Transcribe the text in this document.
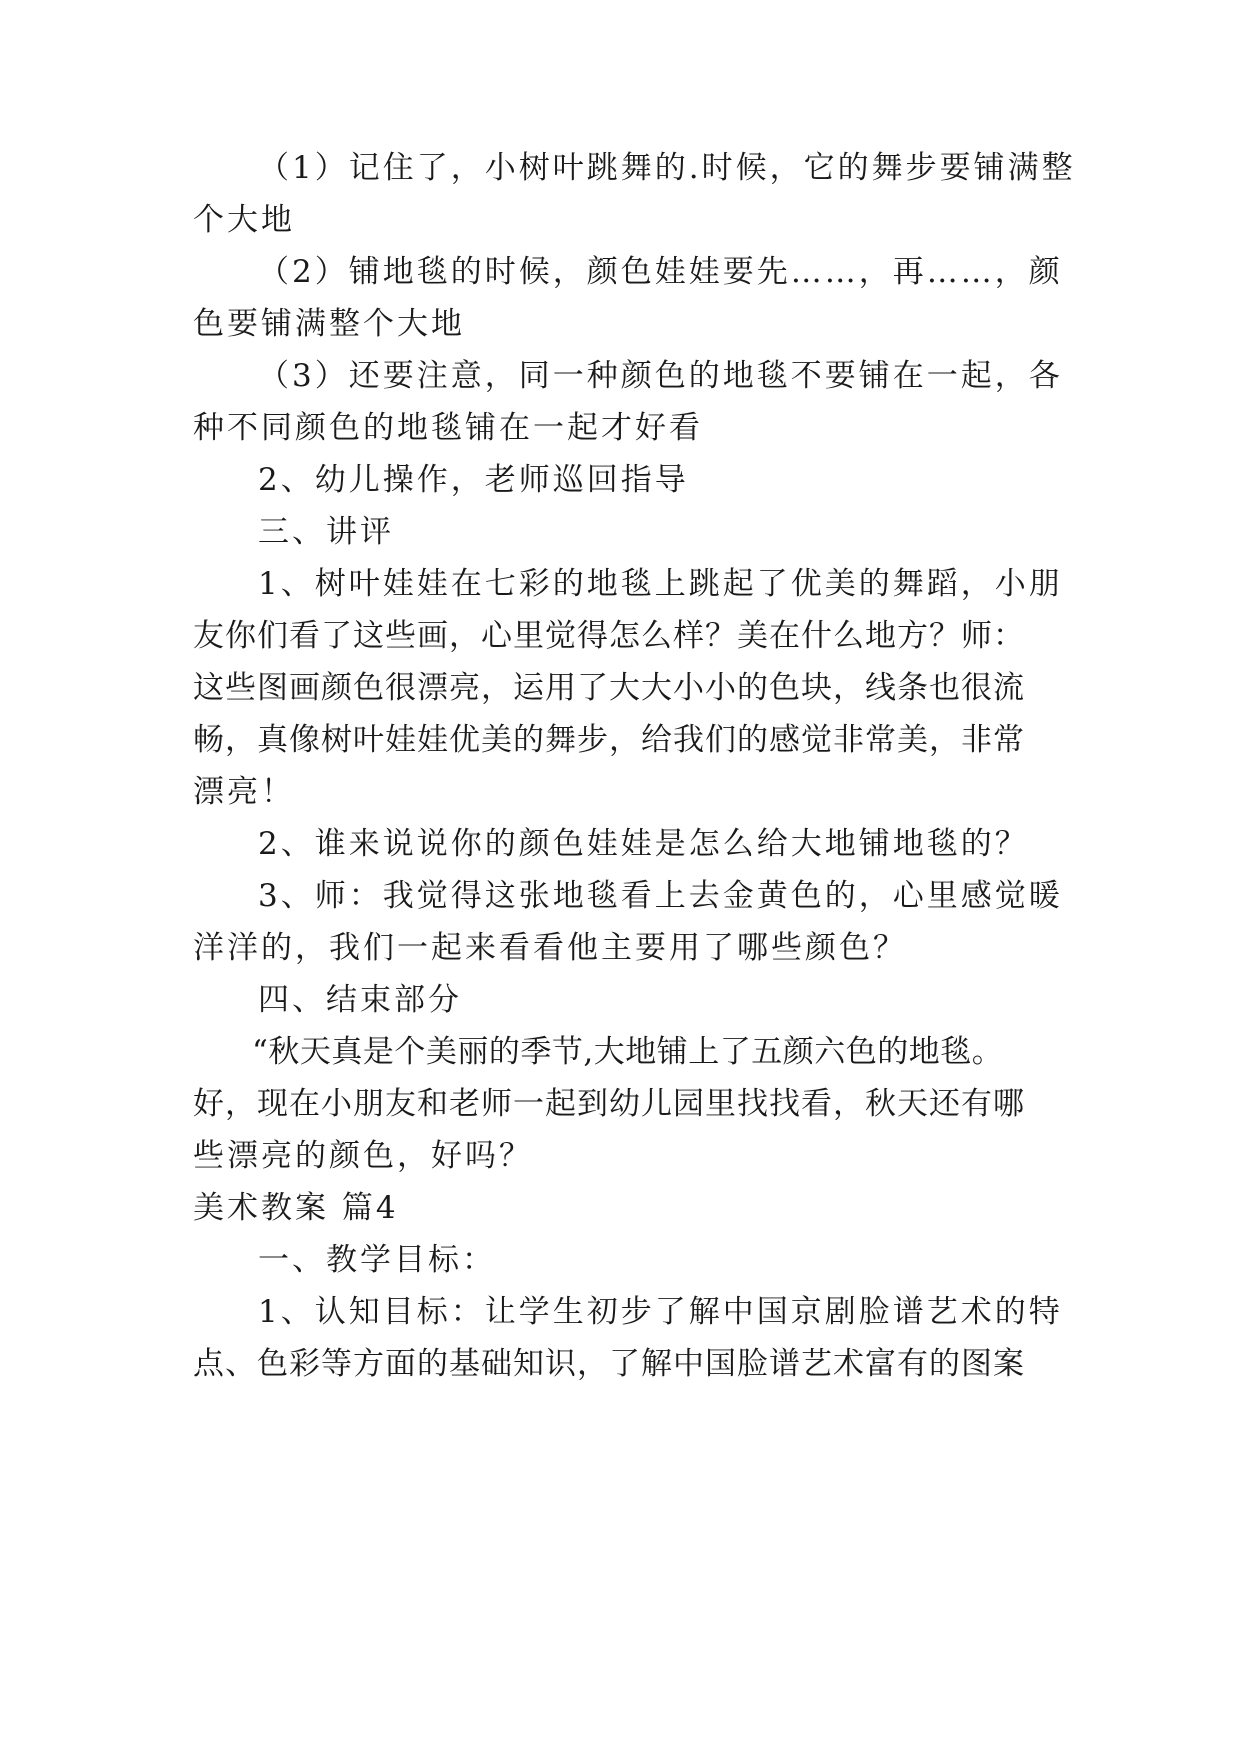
（1）记住了，小树叶跳舞的.时候，它的舞步要铺满整
个大地
（2）铺地毯的时候，颜色娃娃要先……，再……，颜
色要铺满整个大地
（3）还要注意，同一种颜色的地毯不要铺在一起，各
种不同颜色的地毯铺在一起才好看
2、幼儿操作，老师巡回指导
三、讲评
1、树叶娃娃在七彩的地毯上跳起了优美的舞蹈，小朋
友你们看了这些画，心里觉得怎么样？美在什么地方？师：
这些图画颜色很漂亮，运用了大大小小的色块，线条也很流
畅，真像树叶娃娃优美的舞步，给我们的感觉非常美，非常
漂亮！
2、谁来说说你的颜色娃娃是怎么给大地铺地毯的？
3、师：我觉得这张地毯看上去金黄色的，心里感觉暖
洋洋的，我们一起来看看他主要用了哪些颜色？
四、结束部分
“秋天真是个美丽的季节,大地铺上了五颜六色的地毯。
好，现在小朋友和老师一起到幼儿园里找找看，秋天还有哪
些漂亮的颜色，好吗？
美术教案 篇4
一、教学目标：
1、认知目标：让学生初步了解中国京剧脸谱艺术的特
点、色彩等方面的基础知识，了解中国脸谱艺术富有的图案
